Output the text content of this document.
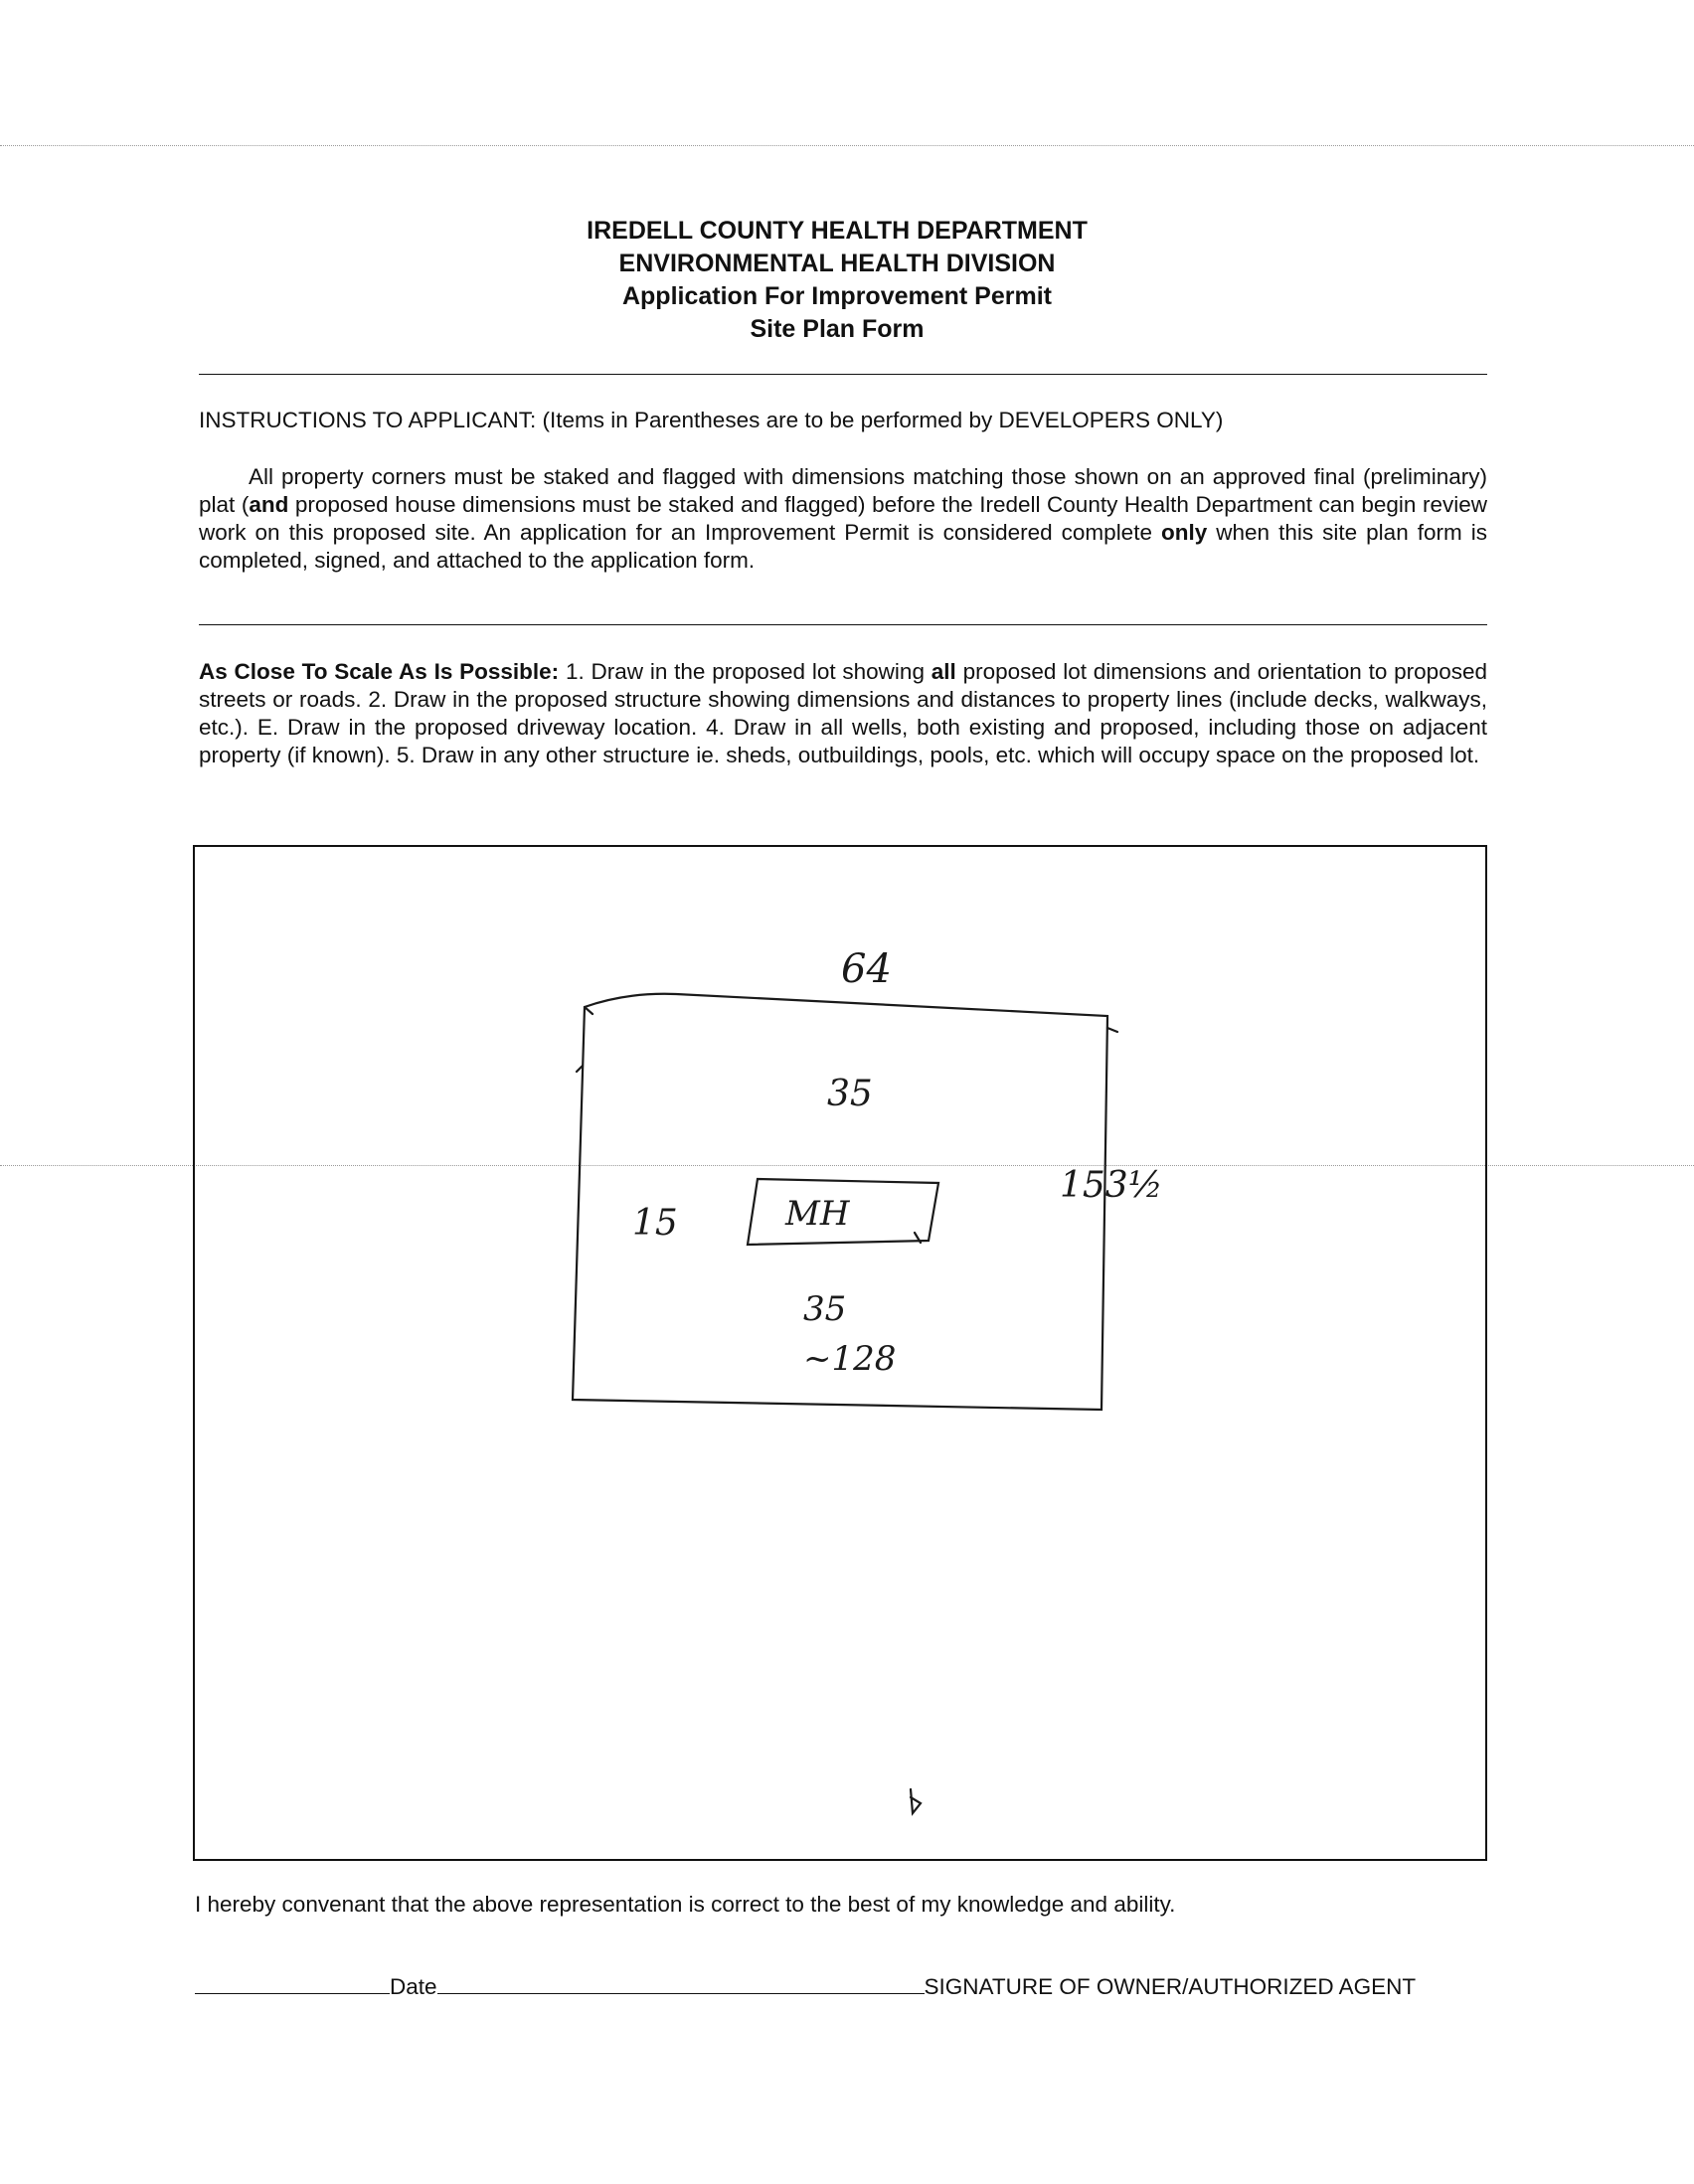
IREDELL COUNTY HEALTH DEPARTMENT
ENVIRONMENTAL HEALTH DIVISION
Application For Improvement Permit
Site Plan Form
INSTRUCTIONS TO APPLICANT: (Items in Parentheses are to be performed by DEVELOPERS ONLY)
All property corners must be staked and flagged with dimensions matching those shown on an approved final (preliminary) plat (and proposed house dimensions must be staked and flagged) before the Iredell County Health Department can begin review work on this proposed site. An application for an Improvement Permit is considered complete only when this site plan form is completed, signed, and attached to the application form.
As Close To Scale As Is Possible: 1. Draw in the proposed lot showing all proposed lot dimensions and orientation to proposed streets or roads. 2. Draw in the proposed structure showing dimensions and distances to property lines (include decks, walkways, etc.). E. Draw in the proposed driveway location. 4. Draw in all wells, both existing and proposed, including those on adjacent property (if known). 5. Draw in any other structure ie. sheds, outbuildings, pools, etc. which will occupy space on the proposed lot.
64
35
15	MH
153½
35
~128
I hereby convenant that the above representation is correct to the best of my knowledge and ability.
Date	SIGNATURE OF OWNER/AUTHORIZED AGENT
